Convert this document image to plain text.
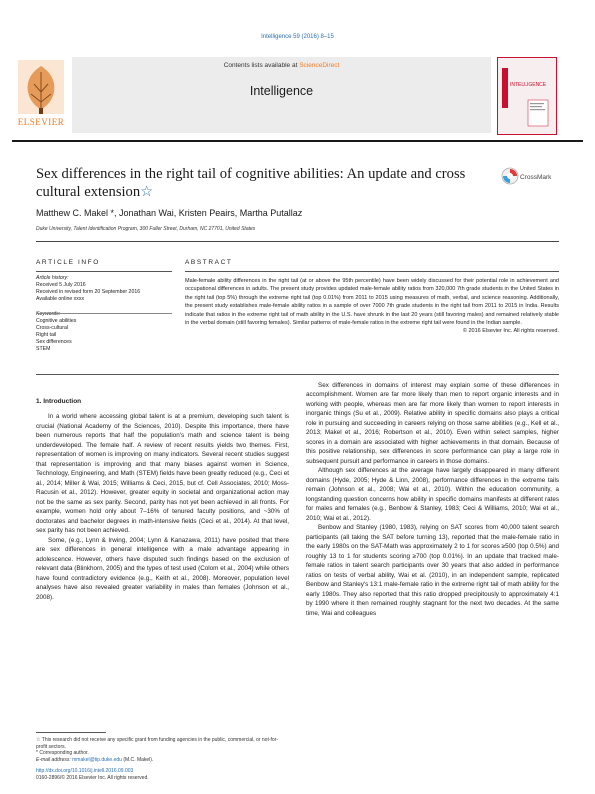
Intelligence 59 (2016) 8–15
ELSEVIER
Contents lists available at ScienceDirect
Intelligence	INTELLIGENCE
Sex differences in the right tail of cognitive abilities: An update and cross cultural extension☆
CrossMark
Matthew C. Makel *, Jonathan Wai, Kristen Peairs, Martha Putallaz
Duke University, Talent Identification Program, 300 Fuller Street, Durham, NC 27701, United States
ARTICLE INFO	ABSTRACT
Article history:
Received 5 July 2016
Received in revised form 20 September 2016
Available online xxxx
Keywords:
Cognitive abilities
Cross-cultural
Right tail
Sex differences
STEM
Male-female ability differences in the right tail (at or above the 95th percentile) have been widely discussed for their potential role in achievement and occupational differences in adults. The present study provides updated male-female ability ratios from 320,000 7th grade students in the United States in the right tail (top 5%) through the extreme right tail (top 0.01%) from 2011 to 2015 using measures of math, verbal, and science reasoning. Additionally, the present study establishes male-female ability ratios in a sample of over 7000 7th grade students in the right tail from 2011 to 2015 in India. Results indicate that ratios in the extreme right tail of math ability in the U.S. have shrunk in the last 20 years (still favoring males) and remained relatively stable in the verbal domain (still favoring females). Similar patterns of male-female ratios in the extreme right tail were found in the Indian sample.
© 2016 Elsevier Inc. All rights reserved.

1. Introduction

In a world where accessing global talent is at a premium, developing such talent is crucial (National Academy of the Sciences, 2010). Despite this importance, there have been numerous reports that half the population's math and science talent is being underdeveloped. The female half. A review of recent results yields two themes. First, representation of women is improving on many indicators. Several recent studies suggest that representation is improving and that many biases against women in Science, Technology, Engineering, and Math (STEM) fields have been greatly reduced (e.g., Ceci et al., 2014; Miller & Wai, 2015; Williams & Ceci, 2015, but cf. Cell Associates, 2010; Moss-Racusin et al., 2012). However, greater equity in societal and organizational action may not be the same as sex parity. Second, parity has not yet been achieved in all fronts. For example, women hold only about 7–16% of tenured faculty positions, and ~30% of doctorates and bachelor degrees in math-intensive fields (Ceci et al., 2014). At that level, sex parity has not been achieved.

Some, (e.g., Lynn & Irwing, 2004; Lynn & Kanazawa, 2011) have posited that there are sex differences in general intelligence with a male advantage appearing in adolescence. However, others have disputed such findings based on the exclusion of relevant data (Blinkhorn, 2005) and the types of test used (Colom et al., 2004) while others have found contradictory evidence (e.g., Keith et al., 2008). Moreover, population level analyses have also revealed greater variability in males than females (Johnson et al., 2008).

Sex differences in domains of interest may explain some of these differences in accomplishment. Women are far more likely than men to report organic interests and in working with people, whereas men are far more likely than women to report interests in inorganic things (Su et al., 2009). Relative ability in specific domains also plays a critical role in pursuing and succeeding in careers relying on those same abilities (e.g., Kell et al., 2013; Makel et al., 2016; Robertson et al., 2010). Even within select samples, higher scores in a domain are associated with higher achievements in that domain. Because of this positive relationship, sex differences in score performance can play a large role in subsequent pursuit and performance in careers in those domains.

Although sex differences at the average have largely disappeared in many different domains (Hyde, 2005; Hyde & Linn, 2008), performance differences in the extreme tails remain (Johnson et al., 2008; Wai et al., 2010). Within the education community, a longstanding question concerns how ability in specific domains manifests at different rates for males and females (e.g., Benbow & Stanley, 1983; Ceci & Williams, 2010; Wai et al., 2010; Wai et al., 2012).

Benbow and Stanley (1980, 1983), relying on SAT scores from 40,000 talent search participants (all taking the SAT before turning 13), reported that the male-female ratio in the early 1980s on the SAT-Math was approximately 2 to 1 for scores ≥500 (top 0.5%) and roughly 13 to 1 for students scoring ≥700 (top 0.01%). In an update that tracked male-female ratios in talent search participants over 30 years that also added in performance ratios on tests of verbal ability, Wai et al. (2010), in an independent sample, replicated Benbow and Stanley's 13:1 male-female ratio in the extreme right tail of math ability for the early 1980s. They also reported that this ratio dropped precipitously to approximately 4:1 by 1990 where it then remained roughly stagnant for the next two decades. At the same time, Wai and colleagues

☆ This research did not receive any specific grant from funding agencies in the public, commercial, or not-for-profit sectors.
* Corresponding author.
E-mail address: mmakel@tip.duke.edu (M.C. Makel).
http://dx.doi.org/10.1016/j.intell.2016.09.003
0160-2896/© 2016 Elsevier Inc. All rights reserved.
